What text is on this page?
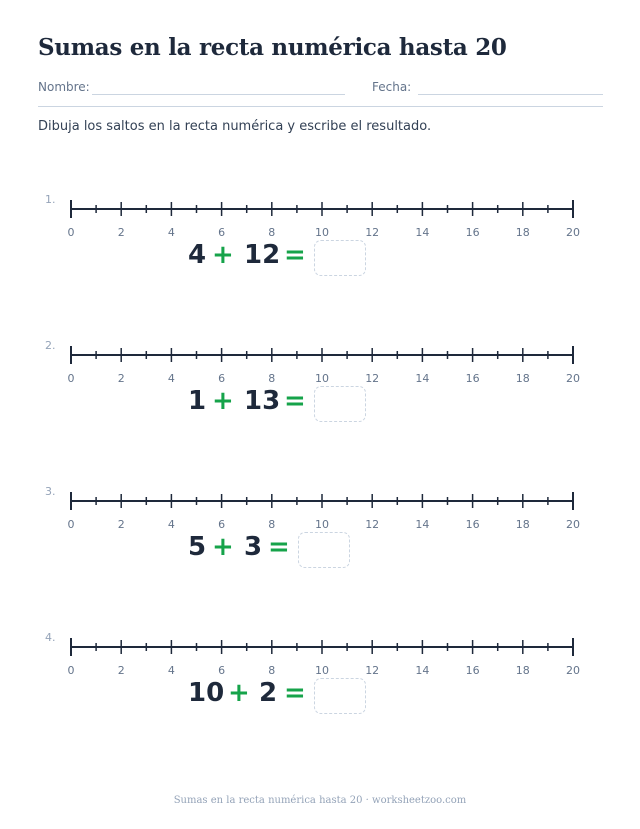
Sumas en la recta numérica hasta 20
Nombre:	Fecha:
Dibuja los saltos en la recta numérica y escribe el resultado.
1.
0	2	4	6	8	10	12	14	16	18	20
4 + 12 =
2.
0	2	4	6	8	10	12	14	16	18	20
1 + 13 =
3.
0	2	4	6	8	10	12	14	16	18	20
5 + 3 =
4.
0	2	4	6	8	10	12	14	16	18	20
10 + 2 =
Sumas en la recta numérica hasta 20 · worksheetzoo.com
